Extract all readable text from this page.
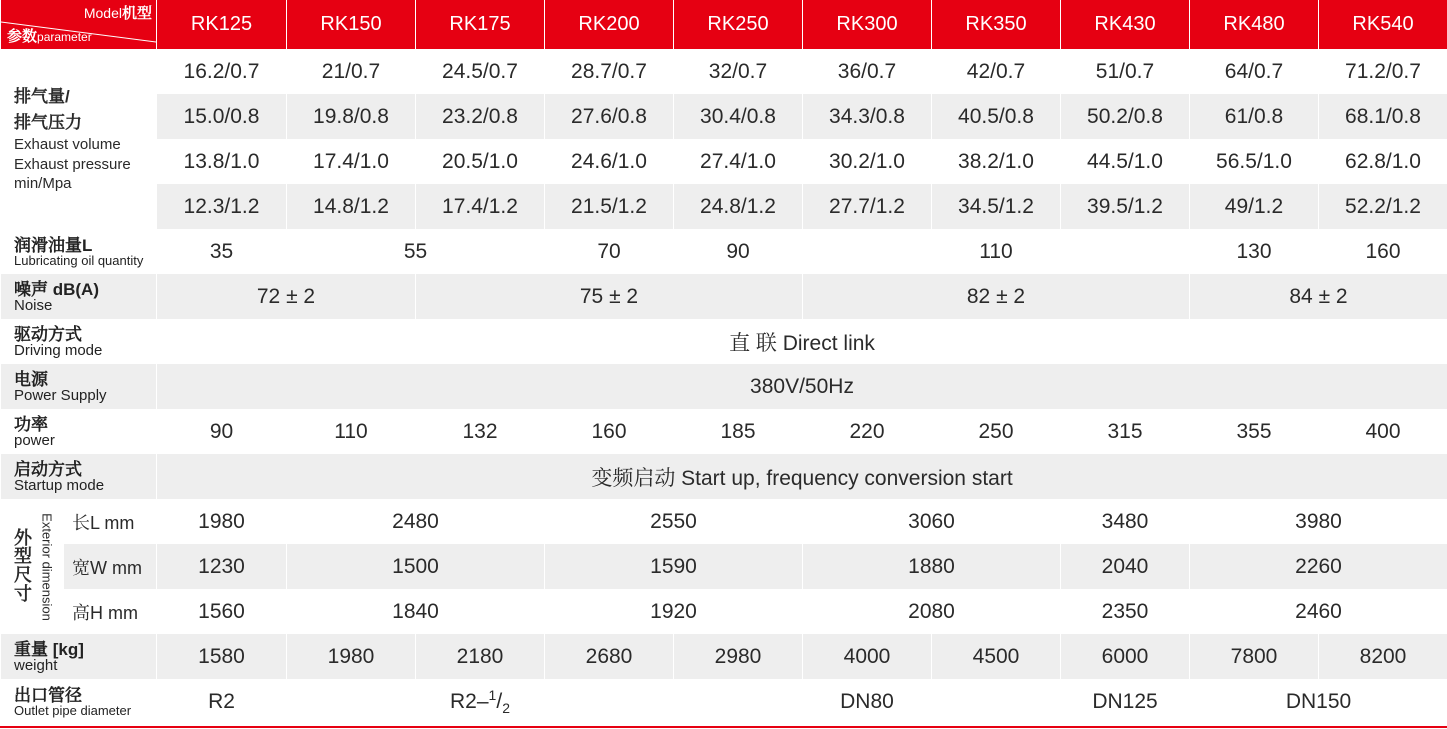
Model机型
参数parameter		RK125	RK150	RK175	RK200	RK250	RK300	RK350	RK430	RK480	RK540

排气量/
排气压力
Exhaust volume
Exhaust pressure
min/Mpa		16.2/0.7	21/0.7	24.5/0.7	28.7/0.7	32/0.7	36/0.7	42/0.7	51/0.7	64/0.7	71.2/0.7
		15.0/0.8	19.8/0.8	23.2/0.8	27.6/0.8	30.4/0.8	34.3/0.8	40.5/0.8	50.2/0.8	61/0.8	68.1/0.8
		13.8/1.0	17.4/1.0	20.5/1.0	24.6/1.0	27.4/1.0	30.2/1.0	38.2/1.0	44.5/1.0	56.5/1.0	62.8/1.0
		12.3/1.2	14.8/1.2	17.4/1.2	21.5/1.2	24.8/1.2	27.7/1.2	34.5/1.2	39.5/1.2	49/1.2	52.2/1.2

润滑油量L
Lubricating oil quantity		35	55		70	90	110			130	160

噪声 dB(A)
Noise		72 ± 2		75 ± 2			82 ± 2			84 ± 2	

驱动方式
Driving mode		直 联 Direct link									

电源
Power Supply		380V/50Hz									

功率
power		90	110	132	160	185	220	250	315	355	400

启动方式
Startup mode		变频启动 Start up, frequency conversion start									

外型尺寸 Exterior dimension	长L mm	1980	2480		2550		3060		3480	3980	
	宽W mm	1230	1500		1590		1880		2040	2260	
	高H mm	1560	1840		1920		2080		2350	2460	

重量 [kg]
weight		1580	1980	2180	2680	2980	4000	4500	6000	7800	8200

出口管径
Outlet pipe diameter		R2	$R2-^1/_2$			DN80			DN125	DN150	
